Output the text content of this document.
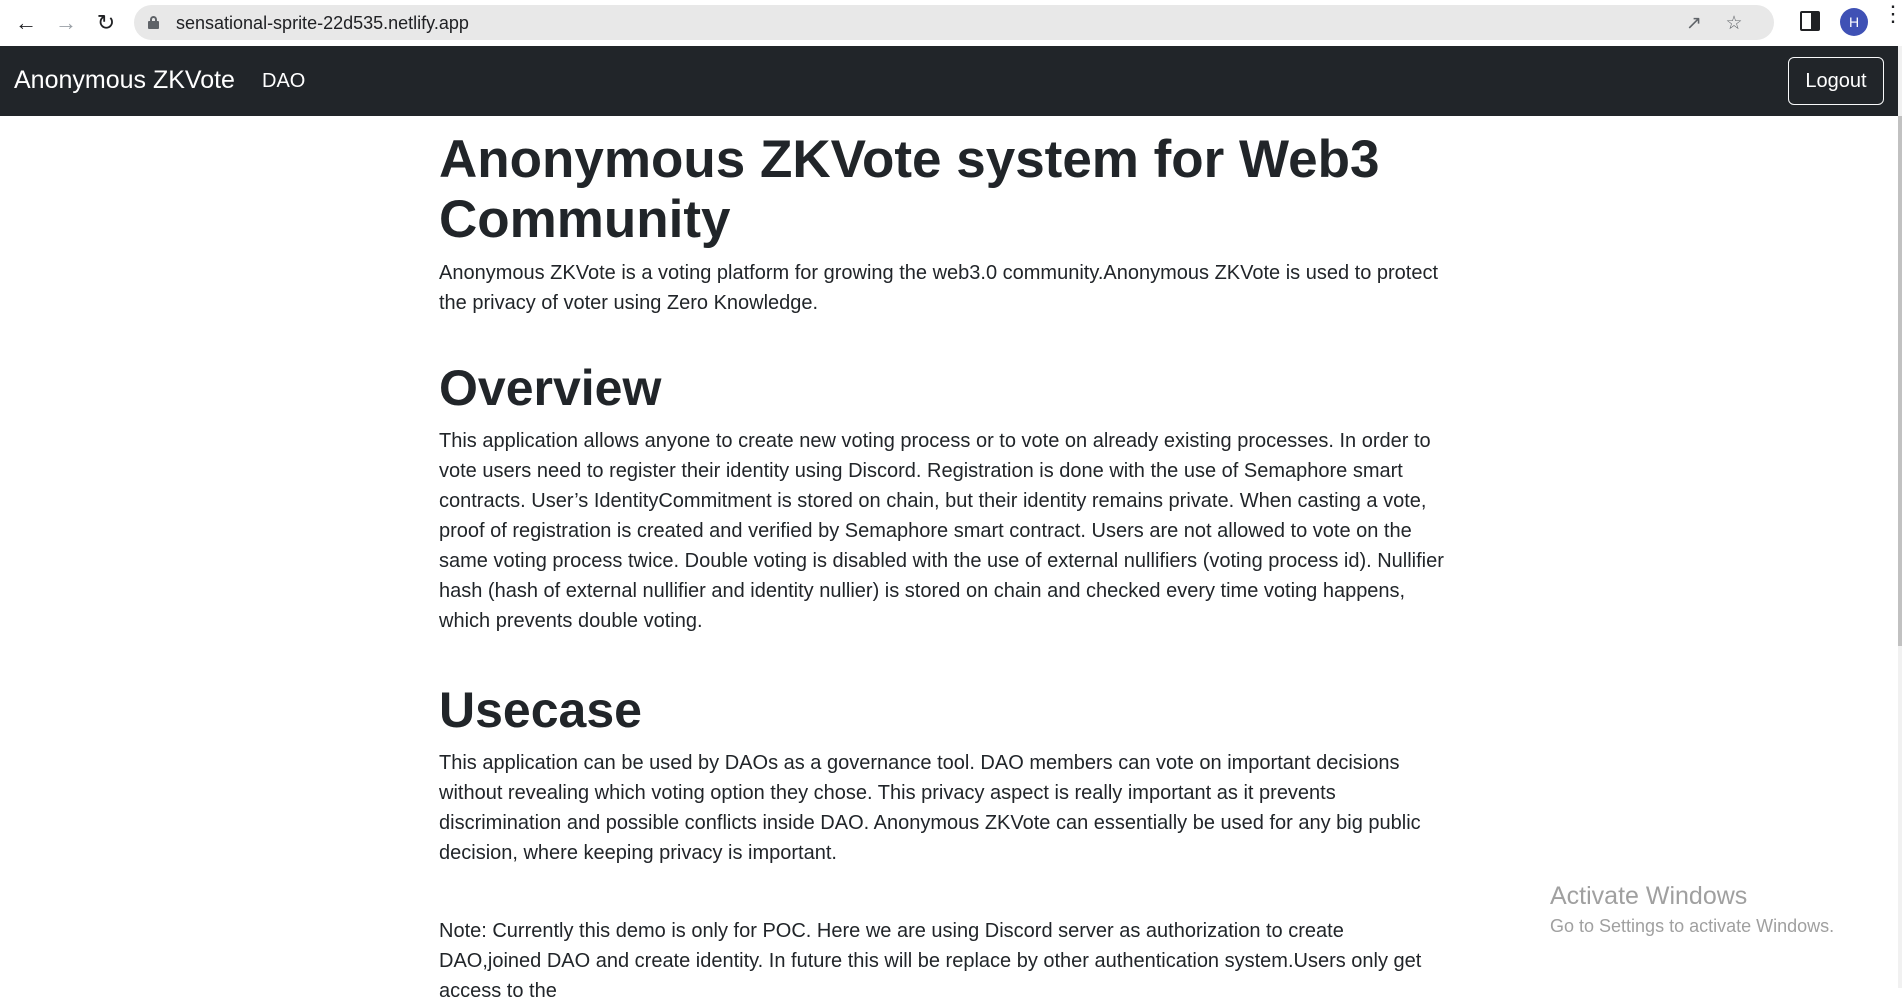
← → ↻	sensational-sprite-22d535.netlify.app	↗ ☆	H	⋮
Anonymous ZKVote DAO	Logout
Anonymous ZKVote system for Web3 Community

Anonymous ZKVote is a voting platform for growing the web3.0 community.Anonymous ZKVote is used to protect the privacy of voter using Zero Knowledge.

Overview

This application allows anyone to create new voting process or to vote on already existing processes. In order to vote users need to register their identity using Discord. Registration is done with the use of Semaphore smart contracts. User’s IdentityCommitment is stored on chain, but their identity remains private. When casting a vote, proof of registration is created and verified by Semaphore smart contract. Users are not allowed to vote on the same voting process twice. Double voting is disabled with the use of external nullifiers (voting process id). Nullifier hash (hash of external nullifier and identity nullier) is stored on chain and checked every time voting happens, which prevents double voting.

Usecase

This application can be used by DAOs as a governance tool. DAO members can vote on important decisions without revealing which voting option they chose. This privacy aspect is really important as it prevents discrimination and possible conflicts inside DAO. Anonymous ZKVote can essentially be used for any big public decision, where keeping privacy is important.

Note: Currently this demo is only for POC. Here we are using Discord server as authorization to create DAO,joined DAO and create identity. In future this will be replace by other authentication system.Users only get access to the

Activate Windows
Go to Settings to activate Windows.
